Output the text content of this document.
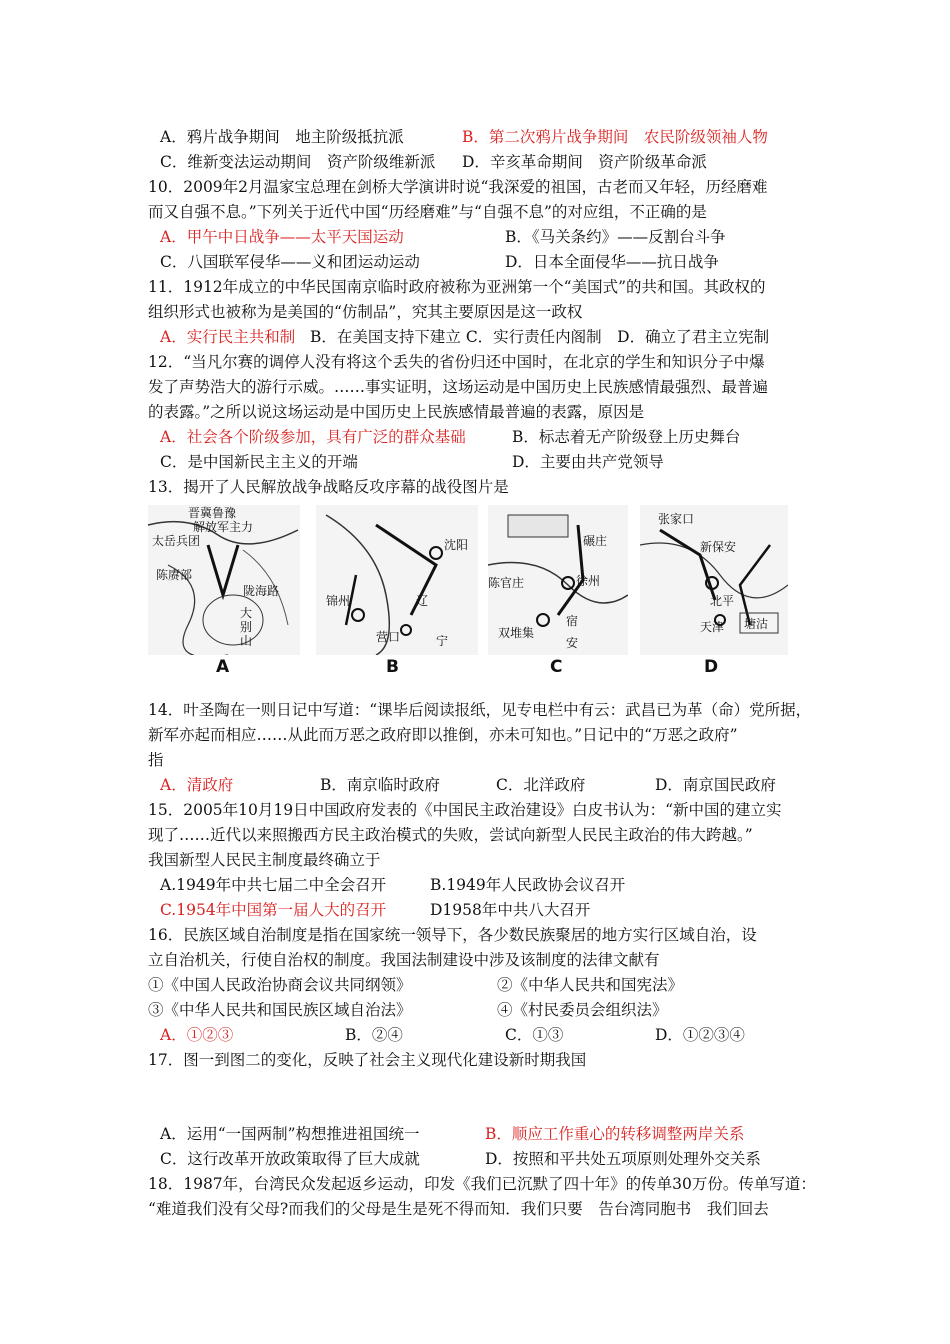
A．鸦片战争期间　地主阶级抵抗派	B．第二次鸦片战争期间　农民阶级领袖人物
C．维新变法运动期间　资产阶级维新派 D．辛亥革命期间　资产阶级革命派
10．2009年2月温家宝总理在剑桥大学演讲时说“我深爱的祖国，古老而又年轻，历经磨难
而又自强不息。”下列关于近代中国“历经磨难”与“自强不息”的对应组，不正确的是
A．甲午中日战争——太平天国运动	B．《马关条约》——反割台斗争
C．八国联军侵华——义和团运动运动	D．日本全面侵华——抗日战争
11．1912年成立的中华民国南京临时政府被称为亚洲第一个“美国式”的共和国。其政权的
组织形式也被称为是美国的“仿制品”，究其主要原因是这一政权
A．实行民主共和制 B．在美国支持下建立 C．实行责任内阁制　D．确立了君主立宪制
12．“当凡尔赛的调停人没有将这个丢失的省份归还中国时，在北京的学生和知识分子中爆
发了声势浩大的游行示威。……事实证明，这场运动是中国历史上民族感情最强烈、最普遍
的表露。”之所以说这场运动是中国历史上民族感情最普遍的表露，原因是
A．社会各个阶级参加，具有广泛的群众基础	B．标志着无产阶级登上历史舞台
C．是中国新民主主义的开端	D．主要由共产党领导
13．揭开了人民解放战争战略反攻序幕的战役图片是
晋冀鲁豫
解放军主力
太岳兵团
陈赓部
陇海路
大
别
山
A
锦州
沈阳
营口
辽
宁
B
碾庄
徐州
陈官庄
双堆集
宿
安
C
张家口
新保安
北平
天津 塘沽
D
14．叶圣陶在一则日记中写道：“课毕后阅读报纸，见专电栏中有云：武昌已为革（命）党所据，
新军亦起而相应……从此而万恶之政府即以推倒，亦未可知也。”日记中的“万恶之政府”
指
A．清政府	B．南京临时政府	C．北洋政府	D．南京国民政府
15．2005年10月19日中国政府发表的《中国民主政治建设》白皮书认为：“新中国的建立实
现了……近代以来照搬西方民主政治模式的失败，尝试向新型人民民主政治的伟大跨越。”
我国新型人民民主制度最终确立于
A.1949年中共七届二中全会召开	B.1949年人民政协会议召开
C.1954年中国第一届人大的召开	D1958年中共八大召开
16．民族区域自治制度是指在国家统一领导下，各少数民族聚居的地方实行区域自治，设
立自治机关，行使自治权的制度。我国法制建设中涉及该制度的法律文献有
①《中国人民政治协商会议共同纲领》	②《中华人民共和国宪法》
③《中华人民共和国民族区域自治法》	④《村民委员会组织法》
A．①②③	B．②④	C．①③	D．①②③④
17．图一到图二的变化，反映了社会主义现代化建设新时期我国
A．运用“一国两制”构想推进祖国统一	B．顺应工作重心的转移调整两岸关系
C．这行改革开放政策取得了巨大成就	D．按照和平共处五项原则处理外交关系
18．1987年，台湾民众发起返乡运动，印发《我们已沉默了四十年》的传单30万份。传单写道：
“难道我们没有父母?而我们的父母是生是死不得而知．我们只要　告台湾同胞书　我们回去
